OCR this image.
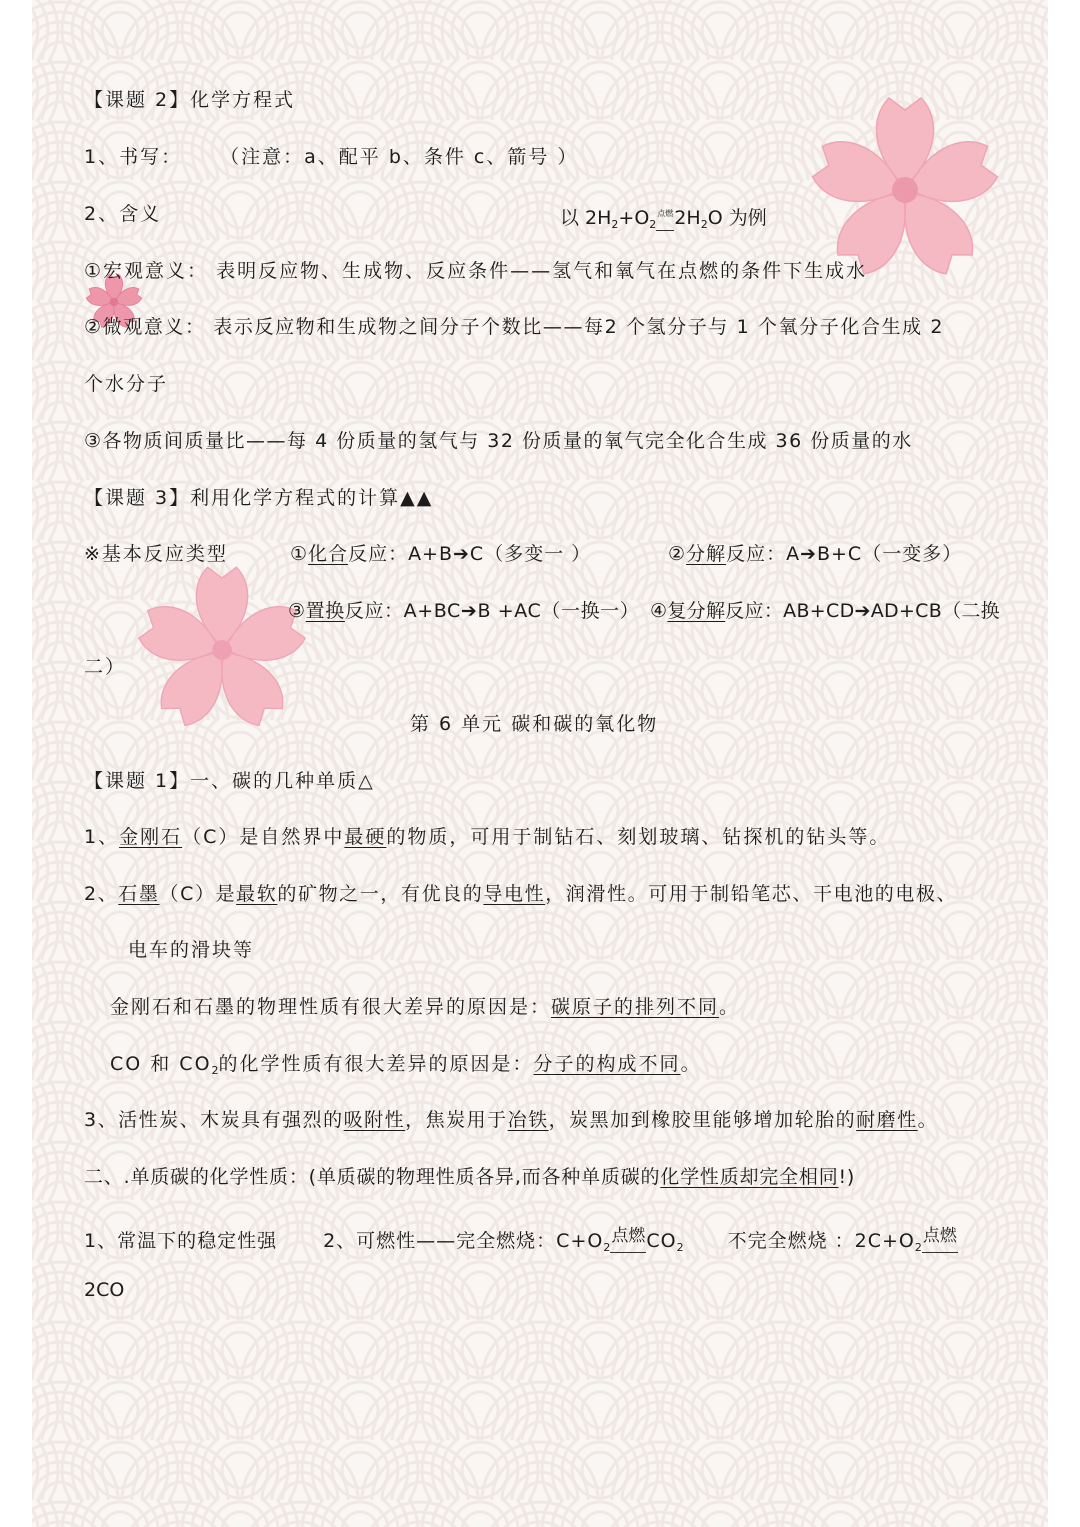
【课题 2】化学方程式
1、书写： （注意：a、配平 b、条件 c、箭号 ）
2、含义	以 $2H_2+O_2$点燃$2H_2O$ 为例
①宏观意义： 表明反应物、生成物、反应条件——氢气和氧气在点燃的条件下生成水
②微观意义： 表示反应物和生成物之间分子个数比——每2 个氢分子与 1 个氧分子化合生成 2
个水分子
③各物质间质量比——每 4 份质量的氢气与 32 份质量的氧气完全化合生成 36 份质量的水
【课题 3】利用化学方程式的计算▲▲
※基本反应类型	①化合反应：A+B➔C（多变一 ）	②分解反应：A➔B+C（一变多）
③置换反应：A+BC➔B +AC（一换一） ④复分解反应：AB+CD➔AD+CB（二换
二）
第 6 单元 碳和碳的氧化物
【课题 1】一、碳的几种单质△
1、金刚石（C）是自然界中最硬的物质，可用于制钻石、刻划玻璃、钻探机的钻头等。
2、石墨（C）是最软的矿物之一，有优良的导电性，润滑性。可用于制铅笔芯、干电池的电极、
电车的滑块等
金刚石和石墨的物理性质有很大差异的原因是：碳原子的排列不同。
CO 和 $CO_2$的化学性质有很大差异的原因是：分子的构成不同。
3、活性炭、木炭具有强烈的吸附性，焦炭用于冶铁，炭黑加到橡胶里能够增加轮胎的耐磨性。
二、.单质碳的化学性质：(单质碳的物理性质各异,而各种单质碳的化学性质却完全相同!)
1、常温下的稳定性强 2、可燃性——完全燃烧：$C+O_2$点燃$CO_2$ 不完全燃烧 ：$2C+O_2$点燃
2CO
